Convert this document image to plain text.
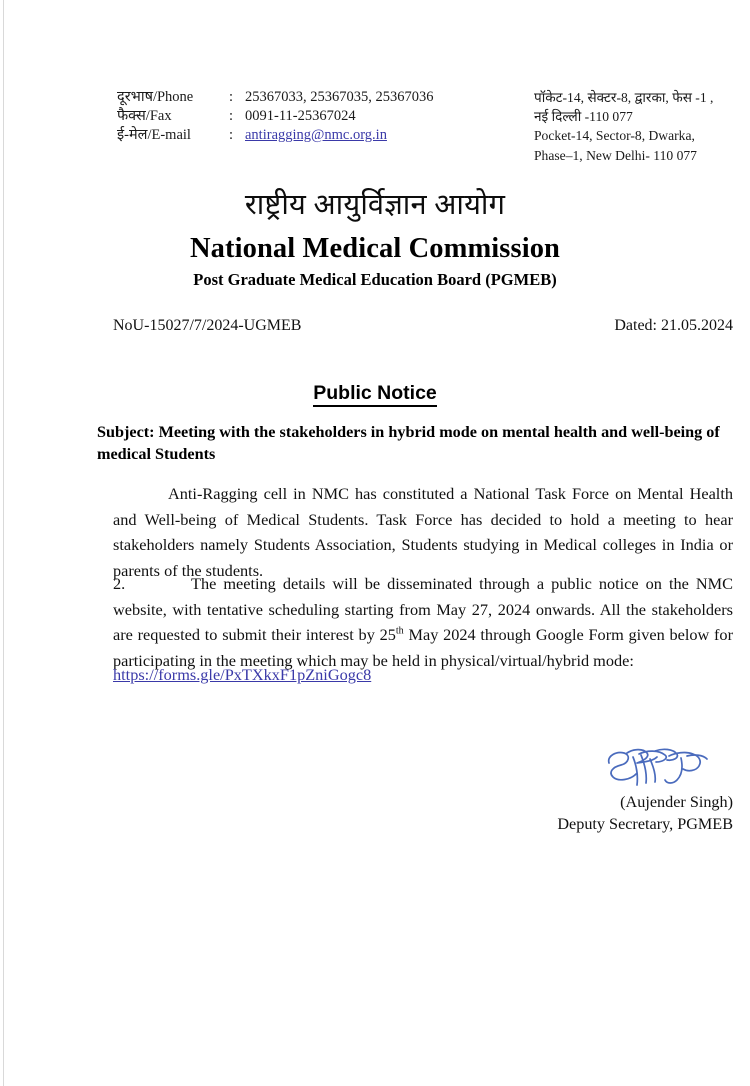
दूरभाष/Phone	:	25367033, 25367035, 25367036
फैक्स/Fax	:	0091-11-25367024
ई-मेल/E-mail	:	antiragging@nmc.org.in
पॉकेट-14, सेक्टर-8, द्वारका, फेस -1 ,
नई दिल्ली -110 077
Pocket-14, Sector-8, Dwarka,
Phase–1, New Delhi- 110 077
राष्ट्रीय आयुर्विज्ञान आयोग
National Medical Commission
Post Graduate Medical Education Board (PGMEB)
NoU-15027/7/2024-UGMEB	Dated: 21.05.2024
Public Notice
Subject: Meeting with the stakeholders in hybrid mode on mental health and well-being of medical Students
Anti-Ragging cell in NMC has constituted a National Task Force on Mental Health and Well-being of Medical Students. Task Force has decided to hold a meeting to hear stakeholders namely Students Association, Students studying in Medical colleges in India or parents of the students.
2.	The meeting details will be disseminated through a public notice on the NMC website, with tentative scheduling starting from May 27, 2024 onwards. All the stakeholders are requested to submit their interest by 25th May 2024 through Google Form given below for participating in the meeting which may be held in physical/virtual/hybrid mode:
https://forms.gle/PxTXkxF1pZniGogc8
(Aujender Singh)
Deputy Secretary, PGMEB
